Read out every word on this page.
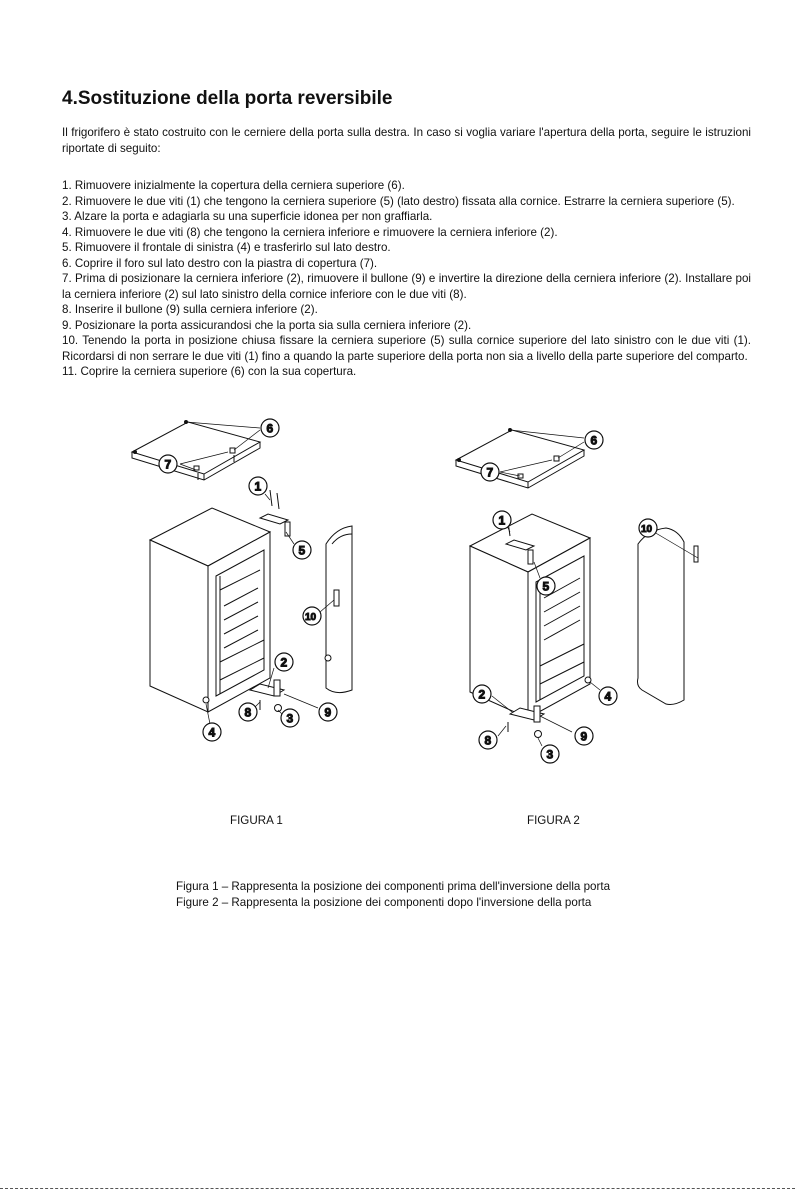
4.Sostituzione della porta reversibile

Il frigorifero è stato costruito con le cerniere della porta sulla destra. In caso si voglia variare l'apertura della porta, seguire le istruzioni riportate di seguito:

1. Rimuovere inizialmente la copertura della cerniera superiore (6).
2. Rimuovere le due viti (1) che tengono la cerniera superiore (5) (lato destro) fissata alla cornice. Estrarre la cerniera superiore (5).
3. Alzare la porta e adagiarla su una superficie idonea per non graffiarla.
4. Rimuovere le due viti (8) che tengono la cerniera inferiore e rimuovere la cerniera inferiore (2).
5. Rimuovere il frontale di sinistra (4) e trasferirlo sul lato destro.
6. Coprire il foro sul lato destro con la piastra di copertura (7).
7. Prima di posizionare la cerniera inferiore (2), rimuovere il bullone (9) e invertire la direzione della cerniera inferiore (2). Installare poi la cerniera inferiore (2) sul lato sinistro della cornice inferiore con le due viti (8).
8. Inserire il bullone (9) sulla cerniera inferiore (2).
9. Posizionare la porta assicurandosi che la porta sia sulla cerniera inferiore (2).
10. Tenendo la porta in posizione chiusa fissare la cerniera superiore (5) sulla cornice superiore del lato sinistro con le due viti (1). Ricordarsi di non serrare le due viti (1) fino a quando la parte superiore della porta non sia a livello della parte superiore del comparto.
11. Coprire la cerniera superiore (6) con la sua copertura.
6
7
1
5
10
2
9
8	3
4
6
7
1
10
5
4
2
9
8
3
FIGURA 1	FIGURA 2
Figura 1 – Rappresenta la posizione dei componenti prima dell'inversione della porta
Figure 2 – Rappresenta la posizione dei componenti dopo l'inversione della porta
